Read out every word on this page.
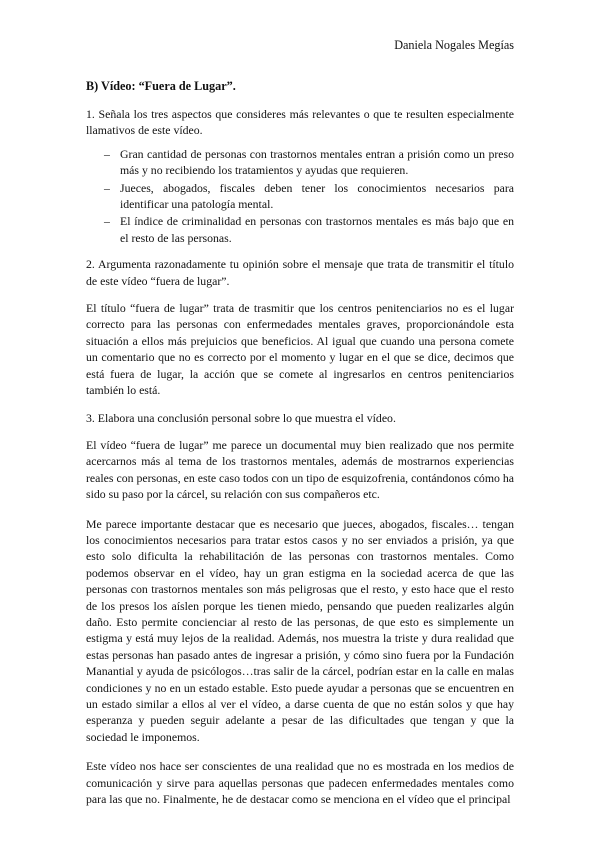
Daniela Nogales Megías
B) Vídeo: “Fuera de Lugar”.

1. Señala los tres aspectos que consideres más relevantes o que te resulten especialmente llamativos de este vídeo.

– Gran cantidad de personas con trastornos mentales entran a prisión como un preso más y no recibiendo los tratamientos y ayudas que requieren.
– Jueces, abogados, fiscales deben tener los conocimientos necesarios para identificar una patología mental.
– El índice de criminalidad en personas con trastornos mentales es más bajo que en el resto de las personas.

2. Argumenta razonadamente tu opinión sobre el mensaje que trata de transmitir el título de este vídeo “fuera de lugar”.

El título “fuera de lugar” trata de trasmitir que los centros penitenciarios no es el lugar correcto para las personas con enfermedades mentales graves, proporcionándole esta situación a ellos más prejuicios que beneficios. Al igual que cuando una persona comete un comentario que no es correcto por el momento y lugar en el que se dice, decimos que está fuera de lugar, la acción que se comete al ingresarlos en centros penitenciarios también lo está.

3. Elabora una conclusión personal sobre lo que muestra el vídeo.

El vídeo “fuera de lugar” me parece un documental muy bien realizado que nos permite acercarnos más al tema de los trastornos mentales, además de mostrarnos experiencias reales con personas, en este caso todos con un tipo de esquizofrenia, contándonos cómo ha sido su paso por la cárcel, su relación con sus compañeros etc.

Me parece importante destacar que es necesario que jueces, abogados, fiscales… tengan los conocimientos necesarios para tratar estos casos y no ser enviados a prisión, ya que esto solo dificulta la rehabilitación de las personas con trastornos mentales. Como podemos observar en el vídeo, hay un gran estigma en la sociedad acerca de que las personas con trastornos mentales son más peligrosas que el resto, y esto hace que el resto de los presos los aíslen porque les tienen miedo, pensando que pueden realizarles algún daño. Esto permite concienciar al resto de las personas, de que esto es simplemente un estigma y está muy lejos de la realidad. Además, nos muestra la triste y dura realidad que estas personas han pasado antes de ingresar a prisión, y cómo sino fuera por la Fundación Manantial y ayuda de psicólogos…tras salir de la cárcel, podrían estar en la calle en malas condiciones y no en un estado estable. Esto puede ayudar a personas que se encuentren en un estado similar a ellos al ver el vídeo, a darse cuenta de que no están solos y que hay esperanza y pueden seguir adelante a pesar de las dificultades que tengan y que la sociedad le imponemos.

Este vídeo nos hace ser conscientes de una realidad que no es mostrada en los medios de comunicación y sirve para aquellas personas que padecen enfermedades mentales como para las que no. Finalmente, he de destacar como se menciona en el vídeo que el principal
